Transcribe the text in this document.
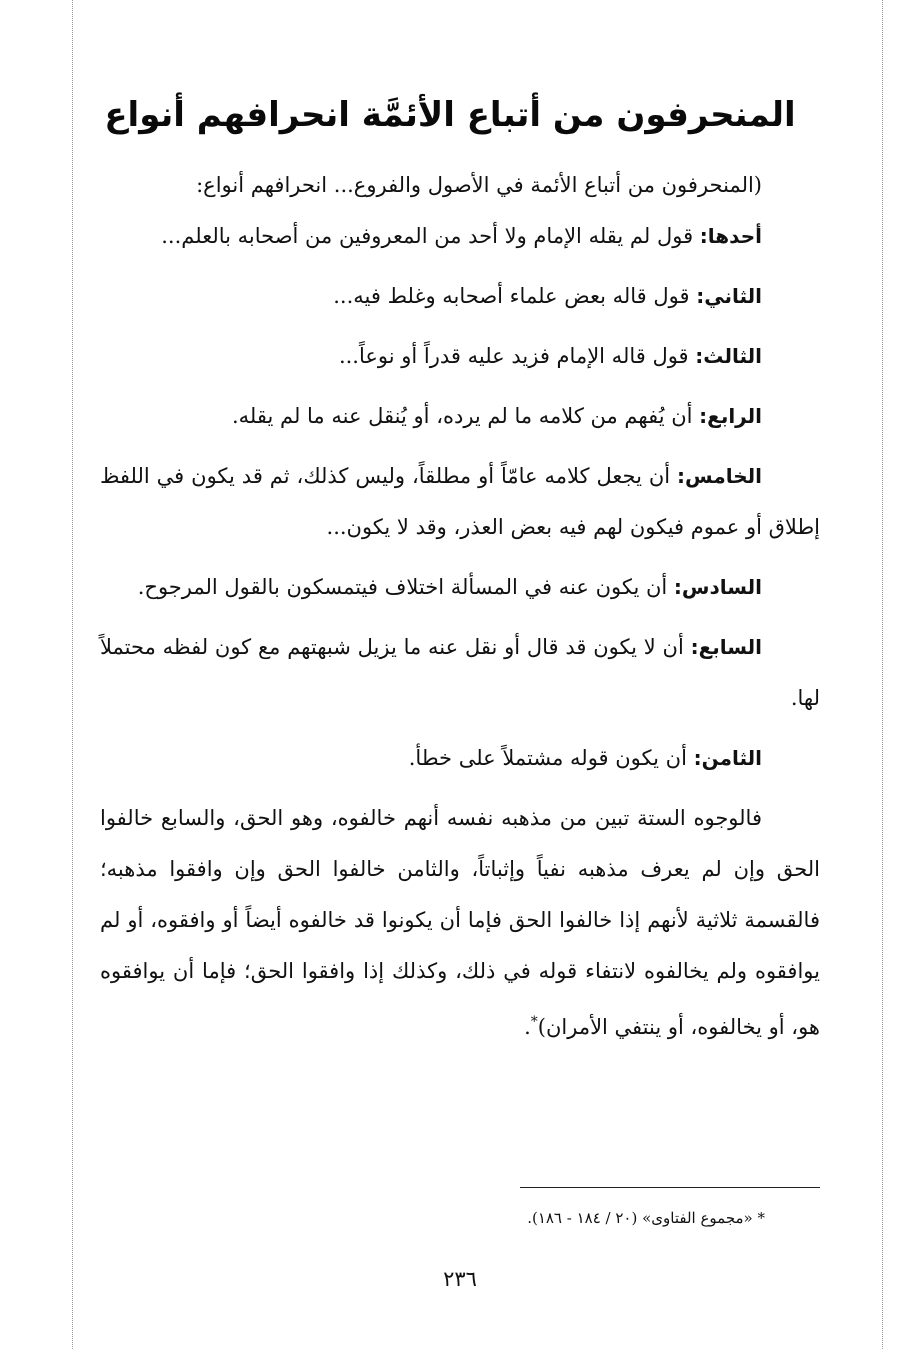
المنحرفون من أتباع الأئمَّة انحرافهم أنواع

(المنحرفون من أتباع الأئمة في الأصول والفروع... انحرافهم أنواع:

أحدها: قول لم يقله الإمام ولا أحد من المعروفين من أصحابه بالعلم...

الثاني: قول قاله بعض علماء أصحابه وغلط فيه...

الثالث: قول قاله الإمام فزيد عليه قدراً أو نوعاً...

الرابع: أن يُفهم من كلامه ما لم يرده، أو يُنقل عنه ما لم يقله.

الخامس: أن يجعل كلامه عامّاً أو مطلقاً، وليس كذلك، ثم قد يكون في اللفظ إطلاق أو عموم فيكون لهم فيه بعض العذر، وقد لا يكون...

السادس: أن يكون عنه في المسألة اختلاف فيتمسكون بالقول المرجوح.

السابع: أن لا يكون قد قال أو نقل عنه ما يزيل شبهتهم مع كون لفظه محتملاً لها.

الثامن: أن يكون قوله مشتملاً على خطأ.

فالوجوه الستة تبين من مذهبه نفسه أنهم خالفوه، وهو الحق، والسابع خالفوا الحق وإن لم يعرف مذهبه نفياً وإثباتاً، والثامن خالفوا الحق وإن وافقوا مذهبه؛ فالقسمة ثلاثية لأنهم إذا خالفوا الحق فإما أن يكونوا قد خالفوه أيضاً أو وافقوه، أو لم يوافقوه ولم يخالفوه لانتفاء قوله في ذلك، وكذلك إذا وافقوا الحق؛ فإما أن يوافقوه هو، أو يخالفوه، أو ينتفي الأمران)*.

* «مجموع الفتاوى» (٢٠ / ١٨٤ - ١٨٦).
٢٣٦
